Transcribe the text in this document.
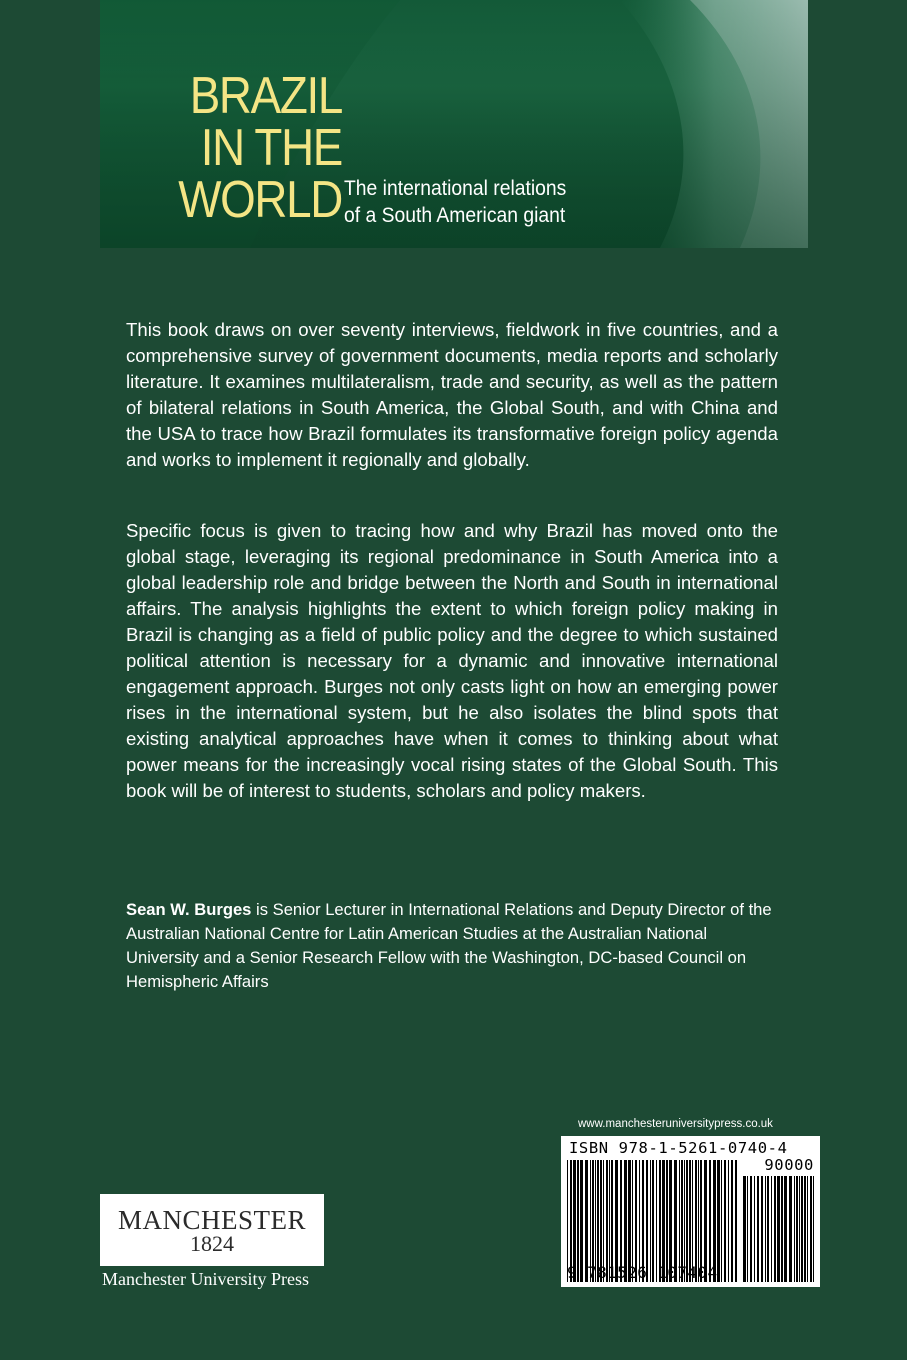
BRAZIL
IN THE
WORLD The international relations
of a South American giant

This book draws on over seventy interviews, fieldwork in five countries, and a comprehensive survey of government documents, media reports and scholarly literature. It examines multilateralism, trade and security, as well as the pattern of bilateral relations in South America, the Global South, and with China and the USA to trace how Brazil formulates its transformative foreign policy agenda and works to implement it regionally and globally.

Specific focus is given to tracing how and why Brazil has moved onto the global stage, leveraging its regional predominance in South America into a global leadership role and bridge between the North and South in international affairs. The analysis highlights the extent to which foreign policy making in Brazil is changing as a field of public policy and the degree to which sustained political attention is necessary for a dynamic and innovative international engagement approach. Burges not only casts light on how an emerging power rises in the international system, but he also isolates the blind spots that existing analytical approaches have when it comes to thinking about what power means for the increasingly vocal rising states of the Global South. This book will be of interest to students, scholars and policy makers.

Sean W. Burges is Senior Lecturer in International Relations and Deputy Director of the Australian National Centre for Latin American Studies at the Australian National University and a Senior Research Fellow with the Washington, DC-based Council on Hemispheric Affairs

MANCHESTER
1824
Manchester University Press
www.manchesteruniversitypress.co.uk
ISBN 978-1-5261-0740-4
90000
9 781526 107404
